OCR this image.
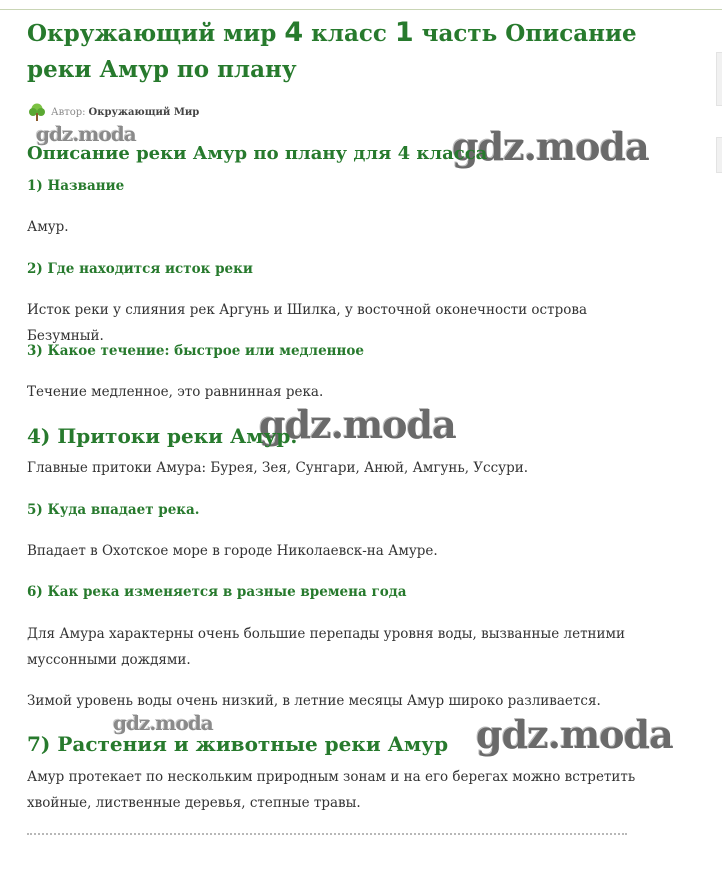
Окружающий мир 4 класс 1 часть Описание реки Амур по плану
Автор: Окружающий Мир
gdz.moda	gdz.moda
Описание реки Амур по плану для 4 класса
1) Название

Амур.

2) Где находится исток реки

Исток реки у слияния рек Аргунь и Шилка, у восточной оконечности острова Безумный.

3) Какое течение: быстрое или медленное

Течение медленное, это равнинная река.

gdz.moda
4) Притоки реки Амур.

Главные притоки Амура: Бурея, Зея, Сунгари, Анюй, Амгунь, Уссури.

5) Куда впадает река.

Впадает в Охотское море в городе Николаевск-на Амуре.

6) Как река изменяется в разные времена года

Для Амура характерны очень большие перепады уровня воды, вызванные летними муссонными дождями.

Зимой уровень воды очень низкий, в летние месяцы Амур широко разливается.

gdz.moda	gdz.moda
7) Растения и животные реки Амур

Амур протекает по нескольким природным зонам и на его берегах можно встретить хвойные, лиственные деревья, степные травы.
